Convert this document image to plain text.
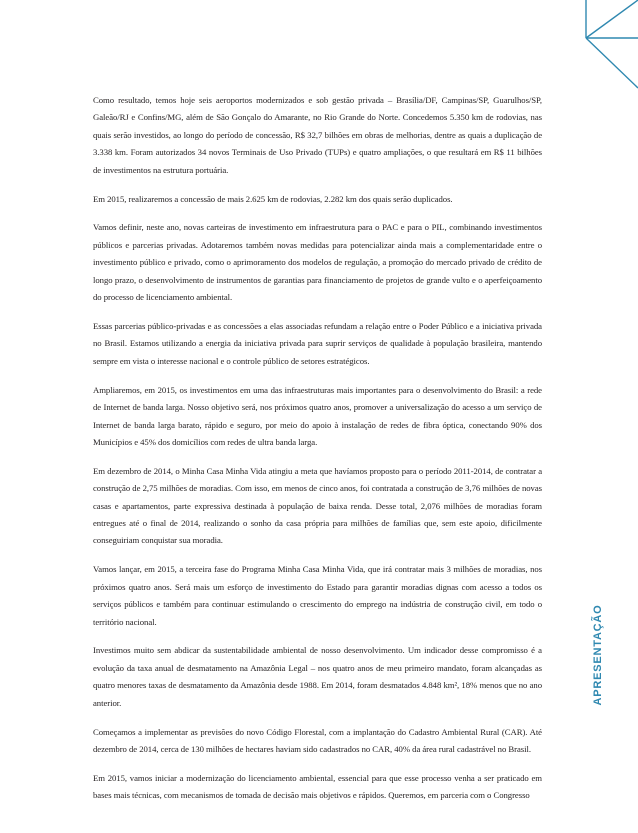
Como resultado, temos hoje seis aeroportos modernizados e sob gestão privada – Brasília/DF, Campinas/SP, Guarulhos/SP, Galeão/RJ e Confins/MG, além de São Gonçalo do Amarante, no Rio Grande do Norte. Concedemos 5.350 km de rodovias, nas quais serão investidos, ao longo do período de concessão, R$ 32,7 bilhões em obras de melhorias, dentre as quais a duplicação de 3.338 km. Foram autorizados 34 novos Terminais de Uso Privado (TUPs) e quatro ampliações, o que resultará em R$ 11 bilhões de investimentos na estrutura portuária.

Em 2015, realizaremos a concessão de mais 2.625 km de rodovias, 2.282 km dos quais serão duplicados.

Vamos definir, neste ano, novas carteiras de investimento em infraestrutura para o PAC e para o PIL, combinando investimentos públicos e parcerias privadas. Adotaremos também novas medidas para potencializar ainda mais a complementaridade entre o investimento público e privado, como o aprimoramento dos modelos de regulação, a promoção do mercado privado de crédito de longo prazo, o desenvolvimento de instrumentos de garantias para financiamento de projetos de grande vulto e o aperfeiçoamento do processo de licenciamento ambiental.

Essas parcerias público-privadas e as concessões a elas associadas refundam a relação entre o Poder Público e a iniciativa privada no Brasil. Estamos utilizando a energia da iniciativa privada para suprir serviços de qualidade à população brasileira, mantendo sempre em vista o interesse nacional e o controle público de setores estratégicos.

Ampliaremos, em 2015, os investimentos em uma das infraestruturas mais importantes para o desenvolvimento do Brasil: a rede de Internet de banda larga. Nosso objetivo será, nos próximos quatro anos, promover a universalização do acesso a um serviço de Internet de banda larga barato, rápido e seguro, por meio do apoio à instalação de redes de fibra óptica, conectando 90% dos Municípios e 45% dos domicílios com redes de ultra banda larga.

Em dezembro de 2014, o Minha Casa Minha Vida atingiu a meta que havíamos proposto para o período 2011-2014, de contratar a construção de 2,75 milhões de moradias. Com isso, em menos de cinco anos, foi contratada a construção de 3,76 milhões de novas casas e apartamentos, parte expressiva destinada à população de baixa renda. Desse total, 2,076 milhões de moradias foram entregues até o final de 2014, realizando o sonho da casa própria para milhões de famílias que, sem este apoio, dificilmente conseguiriam conquistar sua moradia.

Vamos lançar, em 2015, a terceira fase do Programa Minha Casa Minha Vida, que irá contratar mais 3 milhões de moradias, nos próximos quatro anos. Será mais um esforço de investimento do Estado para garantir moradias dignas com acesso a todos os serviços públicos e também para continuar estimulando o crescimento do emprego na indústria de construção civil, em todo o território nacional.

Investimos muito sem abdicar da sustentabilidade ambiental de nosso desenvolvimento. Um indicador desse compromisso é a evolução da taxa anual de desmatamento na Amazônia Legal – nos quatro anos de meu primeiro mandato, foram alcançadas as quatro menores taxas de desmatamento da Amazônia desde 1988. Em 2014, foram desmatados 4.848 km², 18% menos que no ano anterior.

Começamos a implementar as previsões do novo Código Florestal, com a implantação do Cadastro Ambiental Rural (CAR). Até dezembro de 2014, cerca de 130 milhões de hectares haviam sido cadastrados no CAR, 40% da área rural cadastrável no Brasil.

Em 2015, vamos iniciar a modernização do licenciamento ambiental, essencial para que esse processo venha a ser praticado em bases mais técnicas, com mecanismos de tomada de decisão mais objetivos e rápidos. Queremos, em parceria com o Congresso

APRESENTAÇÃO
